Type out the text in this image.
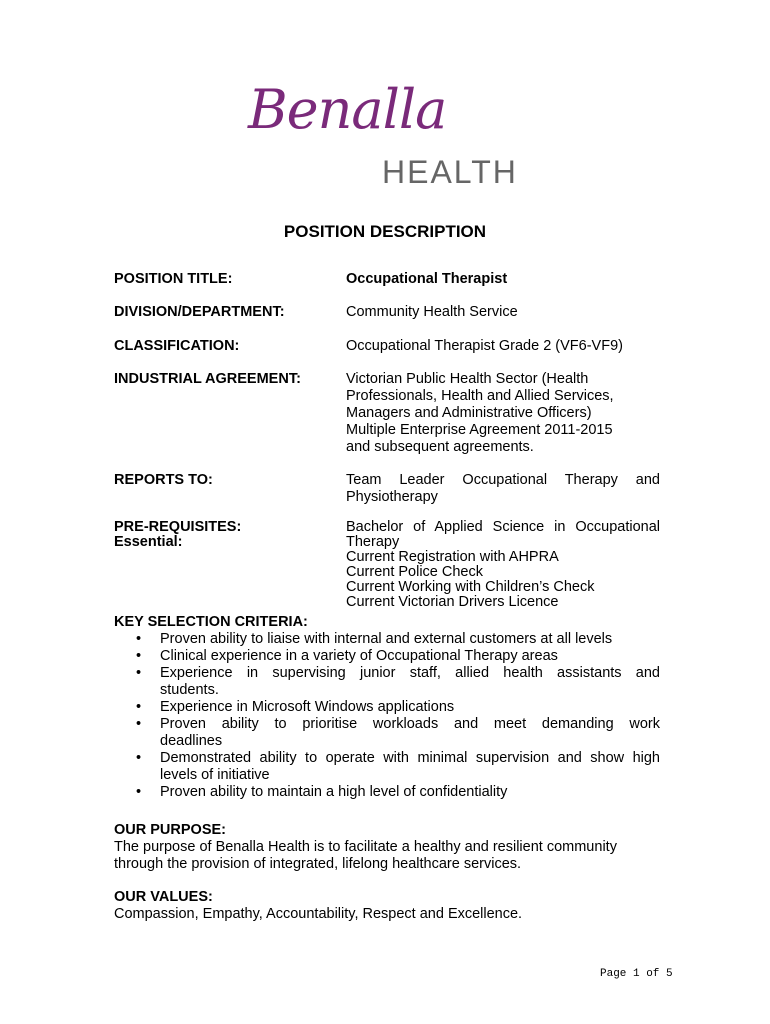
Benalla
HEALTH
POSITION DESCRIPTION
POSITION TITLE:	Occupational Therapist
DIVISION/DEPARTMENT:	Community Health Service
CLASSIFICATION:	Occupational Therapist Grade 2 (VF6-VF9)
INDUSTRIAL AGREEMENT:	Victorian Public Health Sector (Health
Professionals, Health and Allied Services,
Managers and Administrative Officers)
Multiple Enterprise Agreement 2011-2015
and subsequent agreements.
REPORTS TO:	Team Leader Occupational Therapy and
Physiotherapy
PRE-REQUISITES:
Essential:
Bachelor of Applied Science in Occupational
Therapy
Current Registration with AHPRA
Current Police Check
Current Working with Children’s Check
Current Victorian Drivers Licence
KEY SELECTION CRITERIA:
• Proven ability to liaise with internal and external customers at all levels
• Clinical experience in a variety of Occupational Therapy areas
• Experience in supervising junior staff, allied health assistants and
students.
• Experience in Microsoft Windows applications
• Proven ability to prioritise workloads and meet demanding work
deadlines
• Demonstrated ability to operate with minimal supervision and show high
levels of initiative
• Proven ability to maintain a high level of confidentiality
OUR PURPOSE:

The purpose of Benalla Health is to facilitate a healthy and resilient community
through the provision of integrated, lifelong healthcare services.

OUR VALUES:

Compassion, Empathy, Accountability, Respect and Excellence.

Page 1 of 5
